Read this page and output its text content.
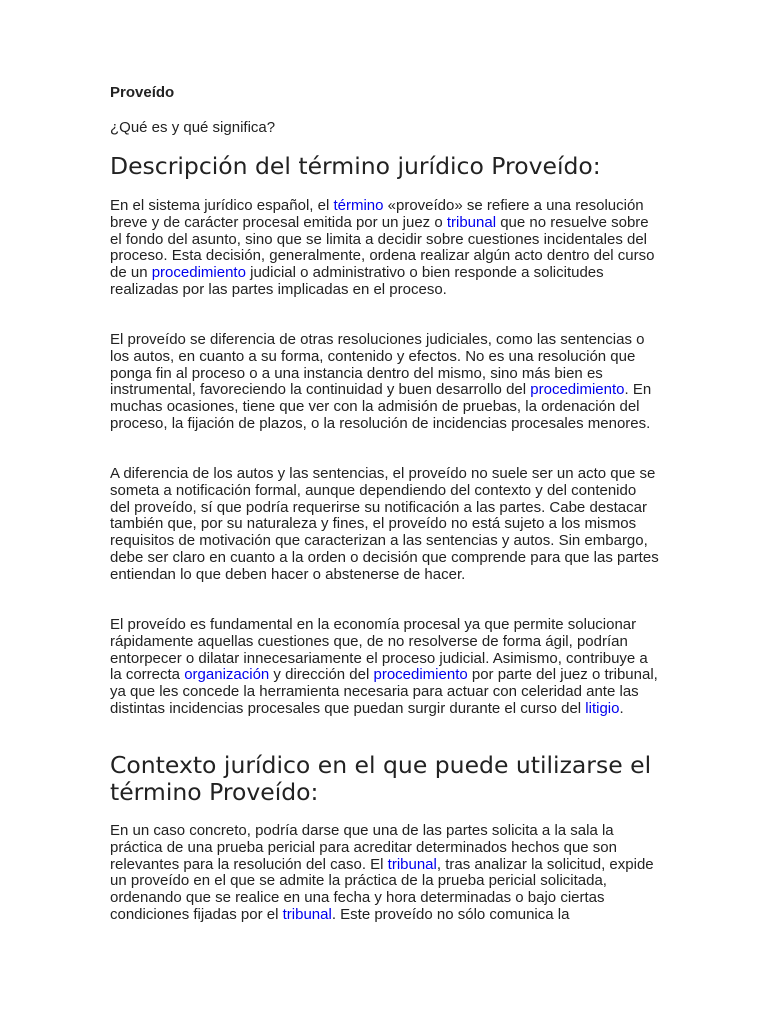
Proveído
¿Qué es y qué significa?
Descripción del término jurídico Proveído:

En el sistema jurídico español, el término «proveído» se refiere a una resolución breve y de carácter procesal emitida por un juez o tribunal que no resuelve sobre el fondo del asunto, sino que se limita a decidir sobre cuestiones incidentales del proceso. Esta decisión, generalmente, ordena realizar algún acto dentro del curso de un procedimiento judicial o administrativo o bien responde a solicitudes realizadas por las partes implicadas en el proceso.

El proveído se diferencia de otras resoluciones judiciales, como las sentencias o los autos, en cuanto a su forma, contenido y efectos. No es una resolución que ponga fin al proceso o a una instancia dentro del mismo, sino más bien es instrumental, favoreciendo la continuidad y buen desarrollo del procedimiento. En muchas ocasiones, tiene que ver con la admisión de pruebas, la ordenación del proceso, la fijación de plazos, o la resolución de incidencias procesales menores.

A diferencia de los autos y las sentencias, el proveído no suele ser un acto que se someta a notificación formal, aunque dependiendo del contexto y del contenido del proveído, sí que podría requerirse su notificación a las partes. Cabe destacar también que, por su naturaleza y fines, el proveído no está sujeto a los mismos requisitos de motivación que caracterizan a las sentencias y autos. Sin embargo, debe ser claro en cuanto a la orden o decisión que comprende para que las partes entiendan lo que deben hacer o abstenerse de hacer.

El proveído es fundamental en la economía procesal ya que permite solucionar rápidamente aquellas cuestiones que, de no resolverse de forma ágil, podrían entorpecer o dilatar innecesariamente el proceso judicial. Asimismo, contribuye a la correcta organización y dirección del procedimiento por parte del juez o tribunal, ya que les concede la herramienta necesaria para actuar con celeridad ante las distintas incidencias procesales que puedan surgir durante el curso del litigio.

Contexto jurídico en el que puede utilizarse el término Proveído:

En un caso concreto, podría darse que una de las partes solicita a la sala la práctica de una prueba pericial para acreditar determinados hechos que son relevantes para la resolución del caso. El tribunal, tras analizar la solicitud, expide un proveído en el que se admite la práctica de la prueba pericial solicitada, ordenando que se realice en una fecha y hora determinadas o bajo ciertas condiciones fijadas por el tribunal. Este proveído no sólo comunica la
